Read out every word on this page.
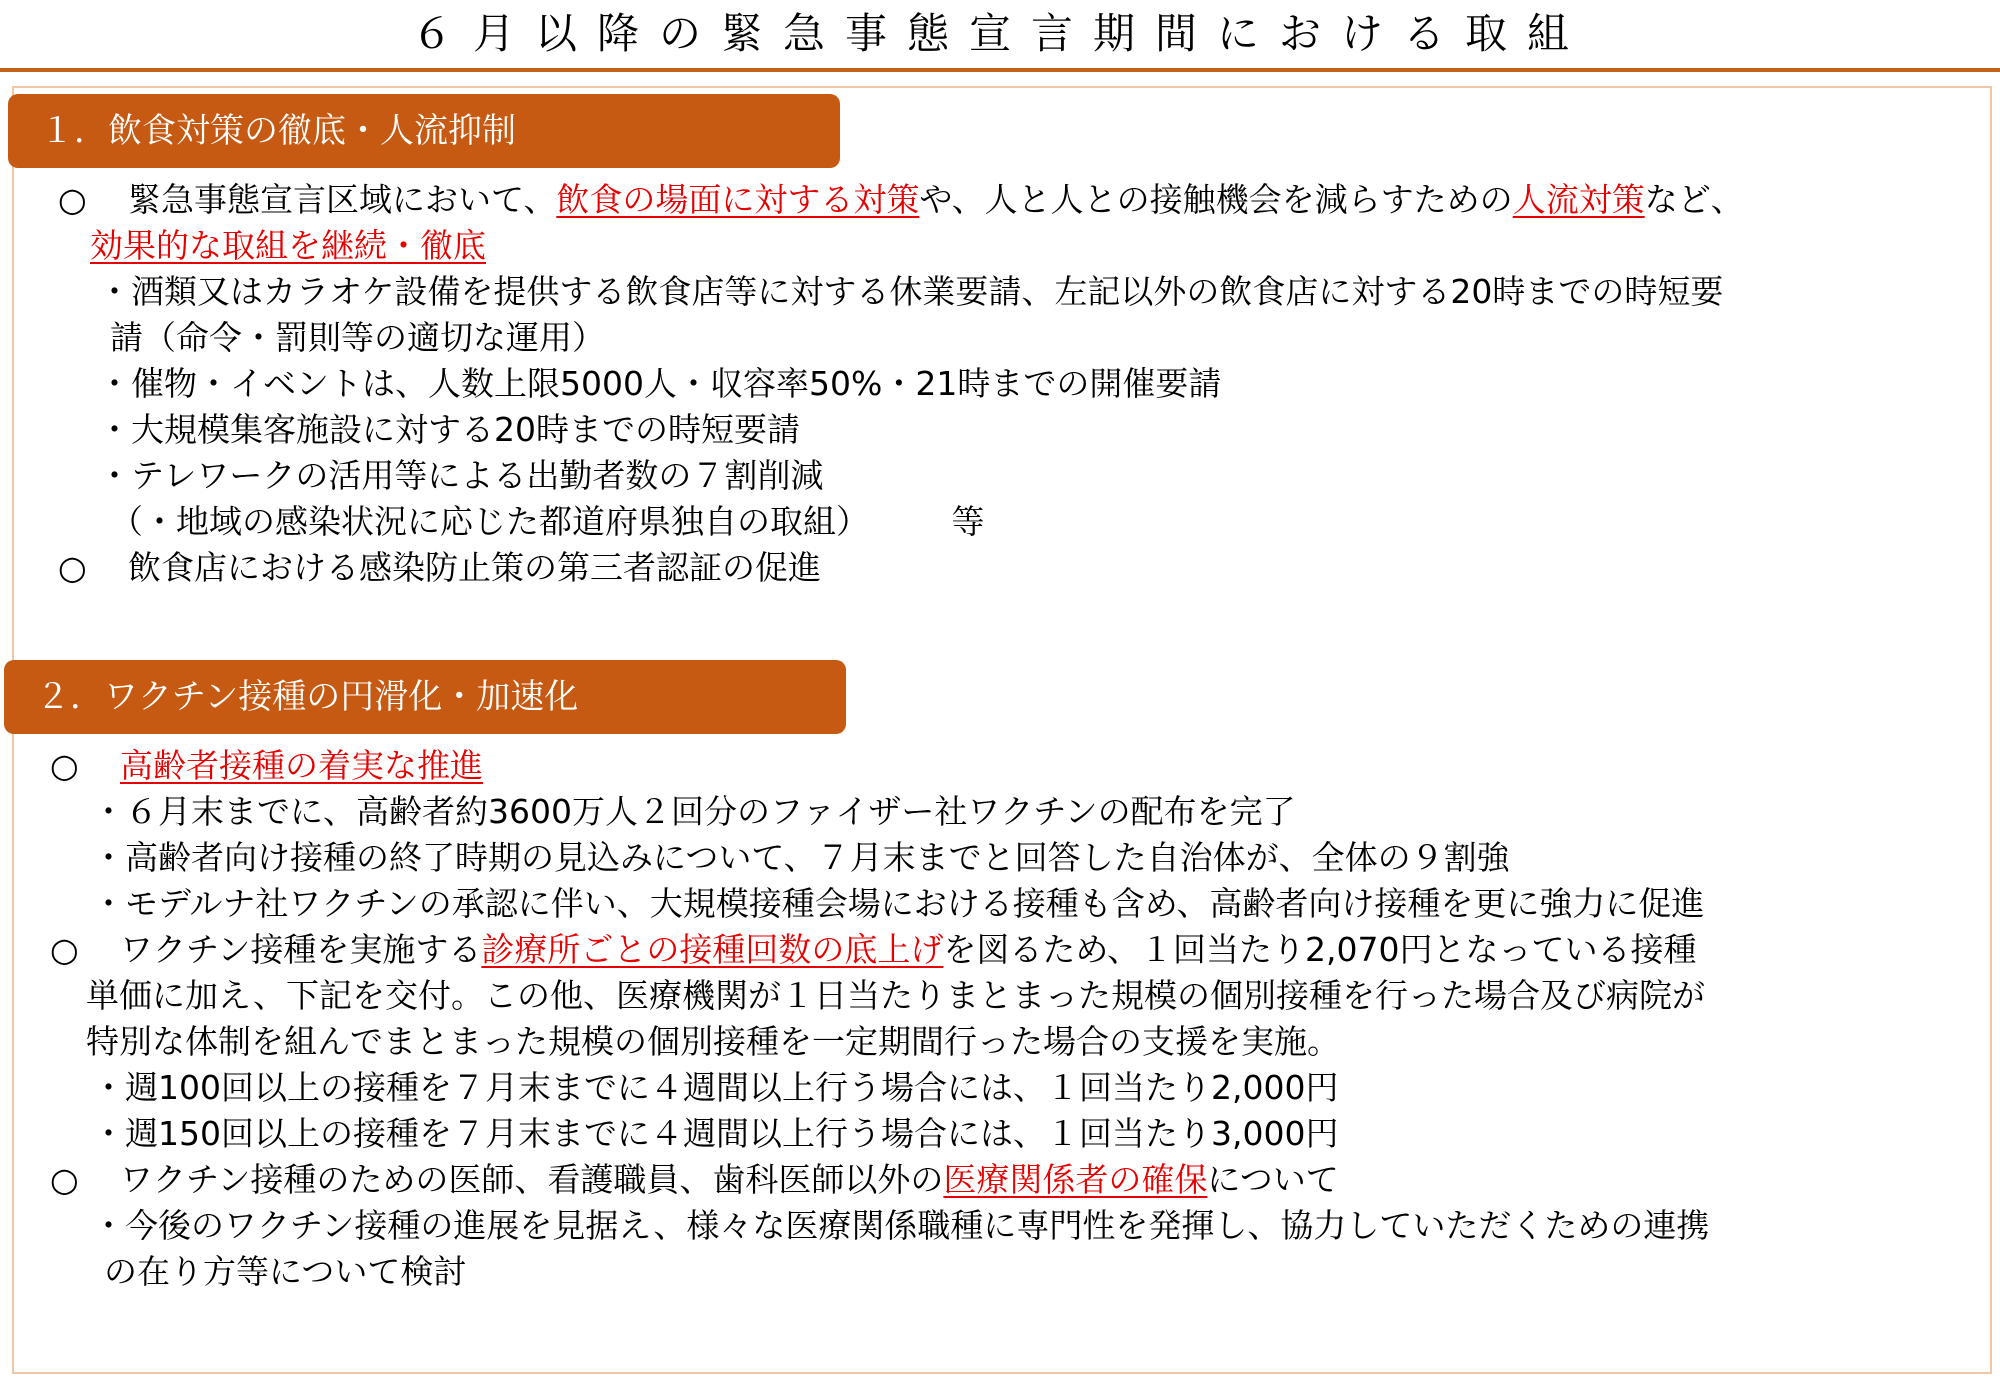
６月以降の緊急事態宣言期間における取組
１．飲食対策の徹底・人流抑制
２．ワクチン接種の円滑化・加速化
○ 緊急事態宣言区域において、飲食の場面に対する対策や、人と人との接触機会を減らすための人流対策など、
効果的な取組を継続・徹底
・酒類又はカラオケ設備を提供する飲食店等に対する休業要請、左記以外の飲食店に対する20時までの時短要
請（命令・罰則等の適切な運用）
・催物・イベントは、人数上限5000人・収容率50%・21時までの開催要請
・大規模集客施設に対する20時までの時短要請
・テレワークの活用等による出勤者数の７割削減
（・地域の感染状況に応じた都道府県独自の取組）　　　等
○ 飲食店における感染防止策の第三者認証の促進
○ 高齢者接種の着実な推進
・６月末までに、高齢者約3600万人２回分のファイザー社ワクチンの配布を完了
・高齢者向け接種の終了時期の見込みについて、７月末までと回答した自治体が、全体の９割強
・モデルナ社ワクチンの承認に伴い、大規模接種会場における接種も含め、高齢者向け接種を更に強力に促進
○ ワクチン接種を実施する診療所ごとの接種回数の底上げを図るため、１回当たり2,070円となっている接種
単価に加え、下記を交付。この他、医療機関が１日当たりまとまった規模の個別接種を行った場合及び病院が
特別な体制を組んでまとまった規模の個別接種を一定期間行った場合の支援を実施。
・週100回以上の接種を７月末までに４週間以上行う場合には、１回当たり2,000円
・週150回以上の接種を７月末までに４週間以上行う場合には、１回当たり3,000円
○ ワクチン接種のための医師、看護職員、歯科医師以外の医療関係者の確保について
・今後のワクチン接種の進展を見据え、様々な医療関係職種に専門性を発揮し、協力していただくための連携
の在り方等について検討
